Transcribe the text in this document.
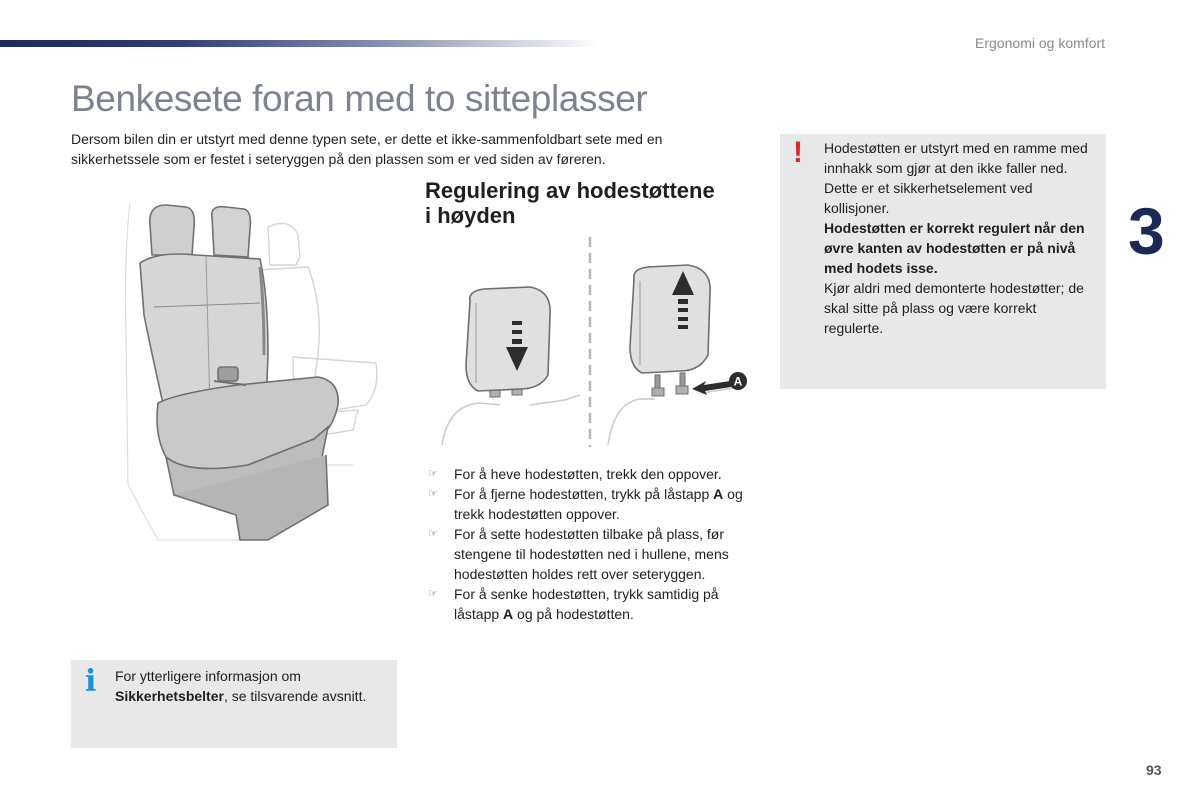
Ergonomi og komfort
Benkesete foran med to sitteplasser

Dersom bilen din er utstyrt med denne typen sete, er dette et ikke-sammenfoldbart sete med en
sikkerhetssele som er festet i seteryggen på den plassen som er ved siden av føreren.

Regulering av hodestøttene
i høyden
A
☞ For å heve hodestøtten, trekk den oppover.
☞ For å fjerne hodestøtten, trykk på låstapp A og trekk hodestøtten oppover.
☞ For å sette hodestøtten tilbake på plass, før stengene til hodestøtten ned i hullene, mens hodestøtten holdes rett over seteryggen.
☞ For å senke hodestøtten, trykk samtidig på låstapp A og på hodestøtten.
! Hodestøtten er utstyrt med en ramme med innhakk som gjør at den ikke faller ned. Dette er et sikkerhetselement ved kollisjoner.

Hodestøtten er korrekt regulert når den øvre kanten av hodestøtten er på nivå med hodets isse.

Kjør aldri med demonterte hodestøtter; de skal sitte på plass og være korrekt regulerte.

3
i For ytterligere informasjon om Sikkerhetsbelter, se tilsvarende avsnitt.
93
